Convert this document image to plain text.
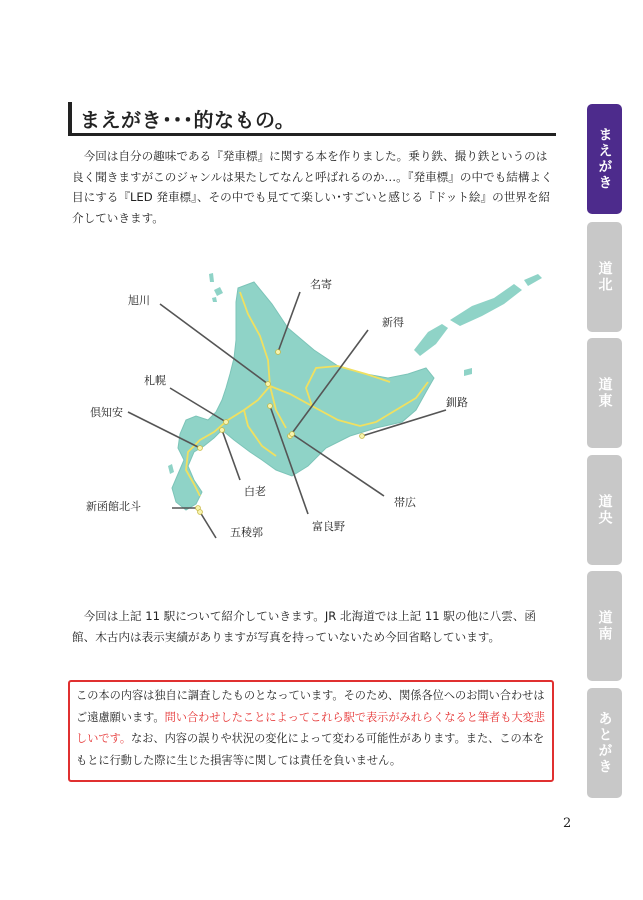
まえがき･･･的なもの。

今回は自分の趣味である『発車標』に関する本を作りました。乗り鉄、撮り鉄というのは良く聞きますがこのジャンルは果たしてなんと呼ばれるのか…。『発車標』の中でも結構よく目にする『LED 発車標』、その中でも見てて楽しい･すごいと感じる『ドット絵』の世界を紹介していきます。

名寄
旭川
新得
札幌
釧路
倶知安
白老
帯広
新函館北斗
富良野
五稜郭

今回は上記 11 駅について紹介していきます。JR 北海道では上記 11 駅の他に八雲、函館、木古内は表示実績がありますが写真を持っていないため今回省略しています。

この本の内容は独自に調査したものとなっています。そのため、関係各位へのお問い合わせはご遠慮願います。問い合わせしたことによってこれら駅で表示がみれらくなると筆者も大変悲しいです。なお、内容の誤りや状況の変化によって変わる可能性があります。また、この本をもとに行動した際に生じた損害等に関しては責任を負いません。
2
まえがき
道北
道東
道央
道南
あとがき
